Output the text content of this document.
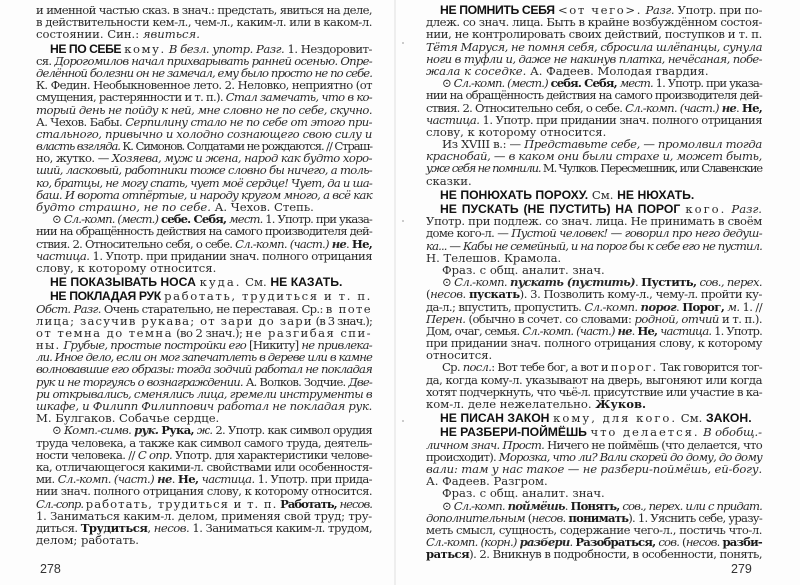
и именной частью сказ. в знач.: предстать, явиться на деле,
в действительности кем-л., чем-л., каким-л. или в каком-л.
состоянии. Син.: явиться.
НЕ ПО СЕБЕ кому. В безл. употр. Разг. 1. Нездоровит-
ся. Дорогомилов начал прихварывать ранней осенью. Опре-
делённой болезни он не замечал, ему было просто не по себе.
К. Федин. Необыкновенное лето. 2. Неловко, неприятно (от
смущения, растерянности и т. п.). Стал замечать, что в ко-
торый день не пойду к ней, мне словно не по себе, скучно.
А. Чехов. Бабы. Серпилину стало не по себе от этого при-
стального, привычно и холодно сознающего свою силу и
власть взгляда. К. Симонов. Солдатами не рождаются. // Страш-
но, жутко. — Хозяева, муж и жена, народ как будто хоро-
ший, ласковый, работники тоже словно бы ничего, а толь-
ко, братцы, не могу спать, чует моё сердце! Чует, да и ша-
баш. И ворота отпёртые, и народу кругом много, а всё как
будто страшно, не по себе. А. Чехов. Степь.
⊙ Сл.-комп. (мест.) себе. Себя, мест. 1. Употр. при указа-
нии на обращённость действия на самого производителя дей-
ствия. 2. Относительно себя, о себе. Сл.-комп. (част.) не. Не,
частица. 1. Употр. при придании знач. полного отрицания
слову, к которому относится.
НЕ ПОКАЗЫВАТЬ НОСА куда. См. НЕ КАЗАТЬ.
НЕ ПОКЛАДАЯ РУК работать, трудиться и т. п.
Обст. Разг. Очень старательно, не переставая. Ср.: в поте
лица; засучив рукава; от зари до зари (в 3 знач.);
от темна до темна (во 2 знач.); не разгибая спи-
ны. Грубые, простые постройки его [Никиту] не привлека-
ли. Иное дело, если он мог запечатлеть в дереве или в камне
волновавшие его образы: тогда зодчий работал не покладая
рук и не торгуясь о вознаграждении. А. Волков. Зодчие. Две-
ри открывались, сменялись лица, гремели инструменты в
шкафе, и Филипп Филиппович работал не покладая рук.
М. Булгаков. Собачье сердце.
⊙ Комп.-симв. рук. Рука, ж. 2. Употр. как символ орудия
труда человека, а также как символ самого труда, деятель-
ности человека. // С опр. Употр. для характеристики челове-
ка, отличающегося какими-л. свойствами или особенностя-
ми. Сл.-комп. (част.) не. Не, частица. 1. Употр. при прида-
нии знач. полного отрицания слову, к которому относится.
Сл.-сопр. работать, трудиться и т. п. Работать, несов.
1. Заниматься каким-л. делом, применяя свой труд; тру-
диться. Трудиться, несов. 1. Заниматься каким-л. трудом,
делом; работать.
278
НЕ ПОМНИТЬ СЕБЯ <от чего>. Разг. Употр. при по-
длеж. со знач. лица. Быть в крайне возбуждённом состоя-
нии, не контролировать своих действий, поступков и т. п.
Тётя Маруся, не помня себя, сбросила шлёпанцы, сунула
ноги в туфли и, даже не накинув платка, нечёсаная, побе-
жала к соседке. А. Фадеев. Молодая гвардия.
⊙ Сл.-комп. (мест.) себя. Себя, мест. 1. Употр. при указа-
нии на обращённость действия на самого производителя дей-
ствия. 2. Относительно себя, о себе. Сл.-комп. (част.) не. Не,
частица. 1. Употр. при придании знач. полного отрицания
слову, к которому относится.
Из XVIII в.: — Представьте себе, — промолвил тогда
краснобай, — в каком они были страхе и, может быть,
уже себя не помнили. М. Чулков. Пересмешник, или Славенские
сказки.
НЕ ПОНЮХАТЬ ПОРОХУ. См. НЕ НЮХАТЬ.
НЕ ПУСКАТЬ (НЕ ПУСТИТЬ) НА ПОРОГ кого. Разг.
Употр. при подлеж. со знач. лица. Не принимать в своём
доме кого-л. — Пустой человек! — говорил про него дедуш-
ка... — Кабы не семейный, и на порог бы к себе его не пустил.
Н. Телешов. Крамола.
Фраз. с общ. аналит. знач.
⊙ Сл.-комп. пускать (пустить). Пустить, сов., перех.
(несов. пускать). 3. Позволить кому-л., чему-л. пройти ку-
да-л.; впустить, пропустить. Сл.-комп. порог. Порог, м. 1. //
Перен. (обычно в сочет. со словами: родной, отчий и т. п.).
Дом, очаг, семья. Сл.-комп. (част.) не. Не, частица. 1. Употр.
при придании знач. полного отрицания слову, к которому
относится.
Ср. посл.: Вот тебе бог, а вот и порог. Так говорится тог-
да, когда кому-л. указывают на дверь, выгоняют или когда
хотят подчеркнуть, что чьё-л. присутствие или участие в ка-
ком-л. деле нежелательно. Жуков.
НЕ ПИСАН ЗАКОН кому, для кого. См. ЗАКОН.
НЕ РАЗБЕРИ-ПОЙМЁШЬ что делается. В обобщ.-
личном знач. Прост. Ничего не поймёшь (что делается, что
происходит). Морозка, что ли? Вали скорей до дому, до дому
вали: там у нас такое — не разбери-поймёшь, ей-богу.
А. Фадеев. Разгром.
Фраз. с общ. аналит. знач.
⊙ Сл.-комп. поймёшь. Понять, сов., перех. или с придат.
дополнительным (несов. понимать). 1. Уяснить себе, уразу-
меть смысл, сущность, содержание чего-л., постичь что-л.
Сл.-комп. (корн.) разбери. Разобраться, сов. (несов. разби-
раться). 2. Вникнув в подробности, в особенности, понять,
279
